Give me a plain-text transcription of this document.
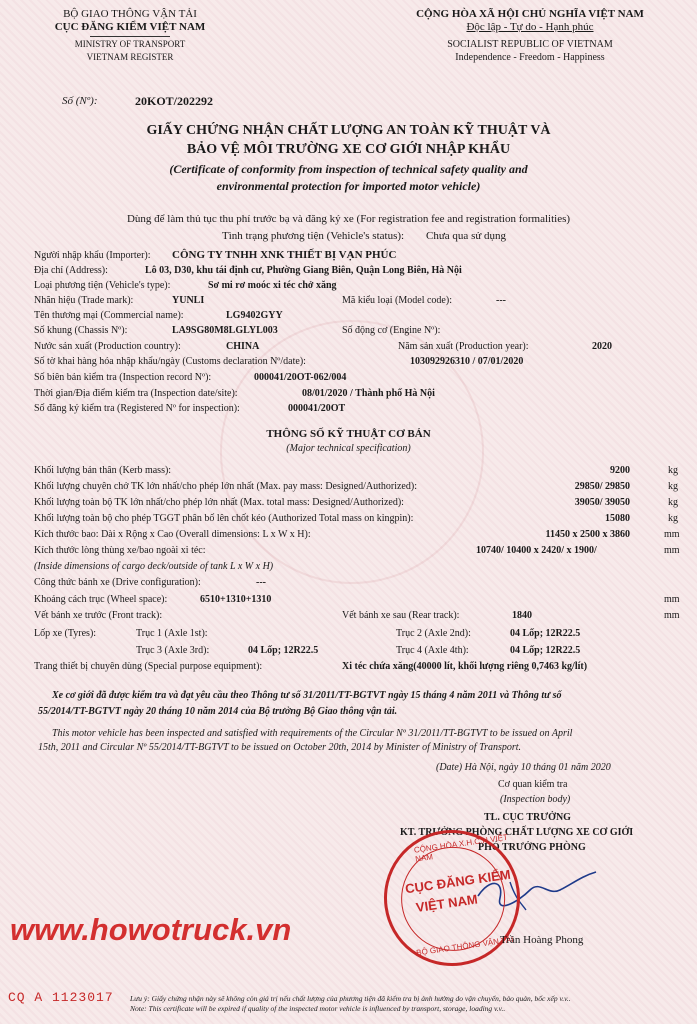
BỘ GIAO THÔNG VẬN TẢI
CỤC ĐĂNG KIỂM VIỆT NAM
MINISTRY OF TRANSPORT
VIETNAM REGISTER
CỘNG HÒA XÃ HỘI CHỦ NGHĨA VIỆT NAM
Độc lập - Tự do - Hạnh phúc
SOCIALIST REPUBLIC OF VIETNAM
Independence - Freedom - Happiness
Số (Nº):	20KOT/202292
GIẤY CHỨNG NHẬN CHẤT LƯỢNG AN TOÀN KỸ THUẬT VÀ
BẢO VỆ MÔI TRƯỜNG XE CƠ GIỚI NHẬP KHẨU
(Certificate of conformity from inspection of technical safety quality and
environmental protection for imported motor vehicle)
Dùng để làm thủ tục thu phí trước bạ và đăng ký xe (For registration fee and registration formalities)
Tình trạng phương tiện (Vehicle's status): Chưa qua sử dụng
Người nhập khẩu (Importer): CÔNG TY TNHH XNK THIẾT BỊ VẠN PHÚC
Địa chỉ (Address):	Lô 03, D30, khu tái định cư, Phường Giang Biên, Quận Long Biên, Hà Nội
Loại phương tiện (Vehicle's type):	Sơ mi rơ moóc xi téc chở xăng
Nhãn hiệu (Trade mark):	YUNLI	Mã kiểu loại (Model code):	---
Tên thương mại (Commercial name):	LG9402GYY
Số khung (Chassis Nº):	LA9SG80M8LGLYL003	Số động cơ (Engine Nº):
Nước sản xuất (Production country):	CHINA	Năm sản xuất (Production year):	2020
Số tờ khai hàng hóa nhập khẩu/ngày (Customs declaration Nº/date):	103092926310 / 07/01/2020
Số biên bản kiểm tra (Inspection record Nº):	000041/20OT-062/004
Thời gian/Địa điểm kiểm tra (Inspection date/site):	08/01/2020 / Thành phố Hà Nội
Số đăng ký kiểm tra (Registered Nº for inspection):	000041/20OT
THÔNG SỐ KỸ THUẬT CƠ BẢN
(Major technical specification)
Khối lượng bản thân (Kerb mass):	9200	kg
Khối lượng chuyên chở TK lớn nhất/cho phép lớn nhất (Max. pay mass: Designed/Authorized):	29850/ 29850	kg
Khối lượng toàn bộ TK lớn nhất/cho phép lớn nhất (Max. total mass: Designed/Authorized):	39050/ 39050	kg
Khối lượng toàn bộ cho phép TGGT phân bố lên chốt kéo (Authorized Total mass on kingpin):	15080	kg
Kích thước bao: Dài x Rộng x Cao (Overall dimensions: L x W x H):	11450 x 2500 x 3860	mm
Kích thước lòng thùng xe/bao ngoài xi téc:	10740/ 10400 x 2420/ x 1900/	mm
(Inside dimensions of cargo deck/outside of tank L x W x H)
Công thức bánh xe (Drive configuration):	---
Khoảng cách trục (Wheel space):	6510+1310+1310	mm
Vết bánh xe trước (Front track):	Vết bánh xe sau (Rear track):	1840	mm
Lốp xe (Tyres):	Trục 1 (Axle 1st):	Trục 2 (Axle 2nd):	04 Lốp; 12R22.5
Trục 3 (Axle 3rd):	04 Lốp; 12R22.5	Trục 4 (Axle 4th):	04 Lốp; 12R22.5
Trang thiết bị chuyên dùng (Special purpose equipment):	Xi téc chứa xăng(40000 lít, khối lượng riêng 0,7463 kg/lít)
Xe cơ giới đã được kiểm tra và đạt yêu cầu theo Thông tư số 31/2011/TT-BGTVT ngày 15 tháng 4 năm 2011 và Thông tư số
55/2014/TT-BGTVT ngày 20 tháng 10 năm 2014 của Bộ trưởng Bộ Giao thông vận tải.
This motor vehicle has been inspected and satisfied with requirements of the Circular Nº 31/2011/TT-BGTVT to be issued on April
15th, 2011 and Circular Nº 55/2014/TT-BGTVT to be issued on October 20th, 2014 by Minister of Ministry of Transport.
(Date) Hà Nội, ngày 10 tháng 01 năm 2020
Cơ quan kiểm tra
(Inspection body)
TL. CỤC TRƯỞNG
KT. TRƯỞNG PHÒNG CHẤT LƯỢNG XE CƠ GIỚI
PHÓ TRƯỞNG PHÒNG
CỘNG HÒA X.H.C.N VIỆT NAM
CỤC ĐĂNG KIỂM
VIỆT NAM
BỘ GIAO THÔNG VẬN TẢI
Trần Hoàng Phong
www.howotruck.vn
CQ A 1123017 Lưu ý: Giấy chứng nhận này sẽ không còn giá trị nếu chất lượng của phương tiện đã kiểm tra bị ảnh hưởng do vận chuyển, bảo quản, bốc xếp v.v..
Note: This certificate will be expired if quality of the inspected motor vehicle is influenced by transport, storage, loading v.v..
